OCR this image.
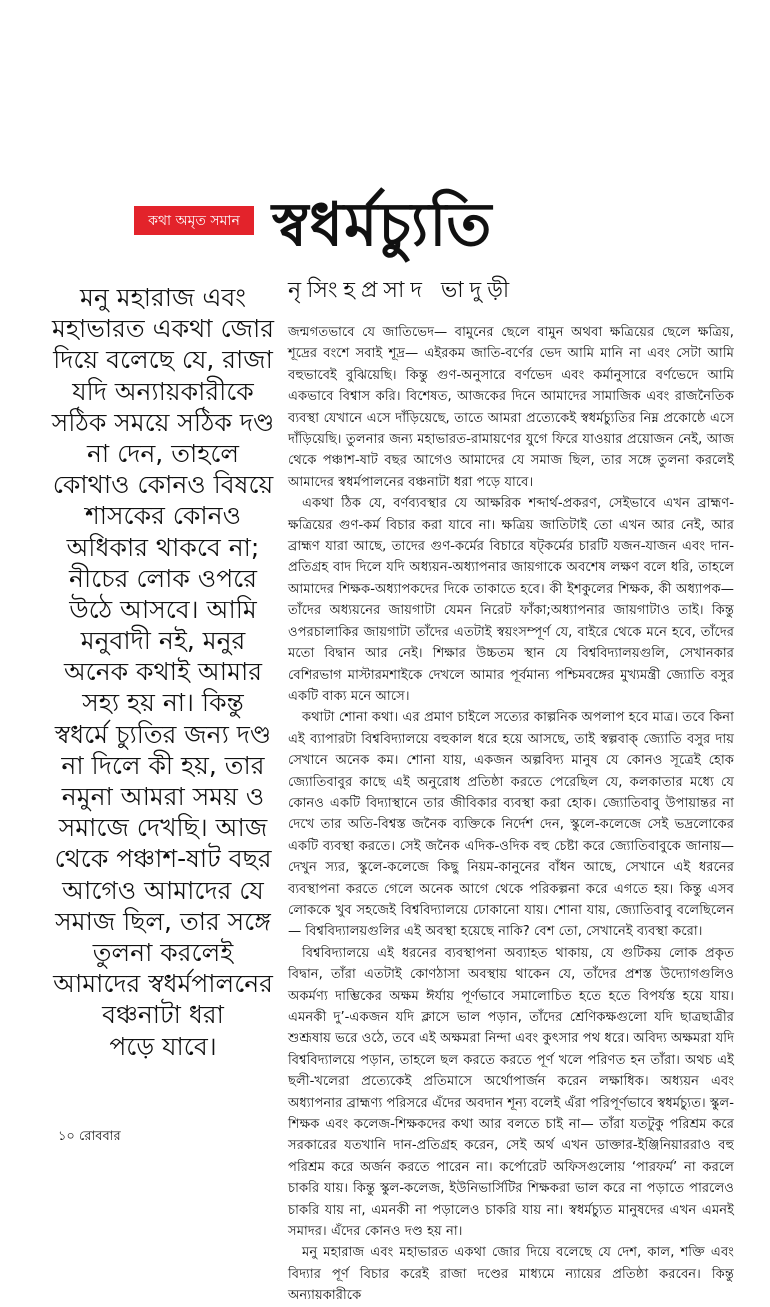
কথা অমৃত সমান স্বধর্মচ্যুতি
নৃসিংহপ্রসাদ ভাদুড়ী
মনু মহারাজ এবং
মহাভারত একথা জোর
দিয়ে বলেছে যে, রাজা
যদি অন্যায়কারীকে
সঠিক সময়ে সঠিক দণ্ড
না দেন, তাহলে
কোথাও কোনও বিষয়ে
শাসকের কোনও
অধিকার থাকবে না;
নীচের লোক ওপরে
উঠে আসবে। আমি
মনুবাদী নই, মনুর
অনেক কথাই আমার
সহ্য হয় না। কিন্তু
স্বধর্মে চ্যুতির জন্য দণ্ড
না দিলে কী হয়, তার
নমুনা আমরা সময় ও
সমাজে দেখছি। আজ
থেকে পঞ্চাশ-ষাট বছর
আগেও আমাদের যে
সমাজ ছিল, তার সঙ্গে
তুলনা করলেই
আমাদের স্বধর্মপালনের
বঞ্চনাটা ধরা
পড়ে যাবে।

জন্মগতভাবে যে জাতিভেদ— বামুনের ছেলে বামুন অথবা ক্ষত্রিয়ের ছেলে ক্ষত্রিয়, শূদ্রের বংশে সবাই শূদ্র— এইরকম জাতি-বর্ণের ভেদ আমি মানি না এবং সেটা আমি বহুভাবেই বুঝিয়েছি। কিন্তু গুণ-অনুসারে বর্ণভেদ এবং কর্মানুসারে বর্ণভেদে আমি একভাবে বিশ্বাস করি। বিশেষত, আজকের দিনে আমাদের সামাজিক এবং রাজনৈতিক ব্যবস্থা যেখানে এসে দাঁড়িয়েছে, তাতে আমরা প্রত্যেকেই স্বধর্মচ্যুতির নিম্ন প্রকোষ্ঠে এসে দাঁড়িয়েছি। তুলনার জন্য মহাভারত-রামায়ণের যুগে ফিরে যাওয়ার প্রয়োজন নেই, আজ থেকে পঞ্চাশ-ষাট বছর আগেও আমাদের যে সমাজ ছিল, তার সঙ্গে তুলনা করলেই আমাদের স্বধর্মপালনের বঞ্চনাটা ধরা পড়ে যাবে।

একথা ঠিক যে, বর্ণব্যবস্থার যে আক্ষরিক শব্দার্থ-প্রকরণ, সেইভাবে এখন ব্রাহ্মণ-ক্ষত্রিয়ের গুণ-কর্ম বিচার করা যাবে না। ক্ষত্রিয় জাতিটাই তো এখন আর নেই, আর ব্রাহ্মণ যারা আছে, তাদের গুণ-কর্মের বিচারে ষট্‌কর্মের চারটি যজন-যাজন এবং দান-প্রতিগ্রহ বাদ দিলে যদি অধ্যয়ন-অধ্যাপনার জায়গাকে অবশেষ লক্ষণ বলে ধরি, তাহলে আমাদের শিক্ষক-অধ্যাপকদের দিকে তাকাতে হবে। কী ইশকুলের শিক্ষক, কী অধ্যাপক— তাঁদের অধ্যয়নের জায়গাটা যেমন নিরেট ফাঁকা;অধ্যাপনার জায়গাটাও তাই। কিন্তু ওপরচালাকির জায়গাটা তাঁদের এতটাই স্বয়ংসম্পূর্ণ যে, বাইরে থেকে মনে হবে, তাঁদের মতো বিদ্বান আর নেই। শিক্ষার উচ্চতম স্থান যে বিশ্ববিদ্যালয়গুলি, সেখানকার বেশিরভাগ মাস্টারমশাইকে দেখলে আমার পূর্বমান্য পশ্চিমবঙ্গের মুখ্যমন্ত্রী জ্যোতি বসুর একটি বাক্য মনে আসে।

কথাটা শোনা কথা। এর প্রমাণ চাইলে সত্যের কাল্পনিক অপলাপ হবে মাত্র। তবে কিনা এই ব্যাপারটা বিশ্ববিদ্যালয়ে বহুকাল ধরে হয়ে আসছে, তাই স্বল্পবাক্‌ জ্যোতি বসুর দায় সেখানে অনেক কম। শোনা যায়, একজন অল্পবিদ্য মানুষ যে কোনও সূত্রেই হোক জ্যোতিবাবুর কাছে এই অনুরোধ প্রতিষ্ঠা করতে পেরেছিল যে, কলকাতার মধ্যে যে কোনও একটি বিদ্যাস্থানে তার জীবিকার ব্যবস্থা করা হোক। জ্যোতিবাবু উপায়ান্তর না দেখে তার অতি-বিশ্বস্ত জনৈক ব্যক্তিকে নির্দেশ দেন, স্কুলে-কলেজে সেই ভদ্রলোকের একটি ব্যবস্থা করতে। সেই জনৈক এদিক-ওদিক বহু চেষ্টা করে জ্যোতিবাবুকে জানায়— দেখুন স্যর, স্কুলে-কলেজে কিছু নিয়ম-কানুনের বাঁধন আছে, সেখানে এই ধরনের ব্যবস্থাপনা করতে গেলে অনেক আগে থেকে পরিকল্পনা করে এগতে হয়। কিন্তু এসব লোককে খুব সহজেই বিশ্ববিদ্যালয়ে ঢোকানো যায়। শোনা যায়, জ্যোতিবাবু বলেছিলেন— বিশ্ববিদ্যালয়গুলির এই অবস্থা হয়েছে নাকি? বেশ তো, সেখানেই ব্যবস্থা করো।

বিশ্ববিদ্যালয়ে এই ধরনের ব্যবস্থাপনা অব্যাহত থাকায়, যে গুটিকয় লোক প্রকৃত বিদ্বান, তাঁরা এতটাই কোণঠাসা অবস্থায় থাকেন যে, তাঁদের প্রশস্ত উদ্যোগগুলিও অকর্মণ্য দাম্ভিকের অক্ষম ঈর্যায় পূর্ণভাবে সমালোচিত হতে হতে বিপর্যস্ত হয়ে যায়। এমনকী দু’-একজন যদি ক্লাসে ভাল পড়ান, তাঁদের শ্রেণিকক্ষগুলো যদি ছাত্রছাত্রীর শুশ্রূষায় ভরে ওঠে, তবে এই অক্ষমরা নিন্দা এবং কুৎসার পথ ধরে। অবিদ্য অক্ষমরা যদি বিশ্ববিদ্যালয়ে পড়ান, তাহলে ছল করতে করতে পূর্ণ খলে পরিণত হন তাঁরা। অথচ এই ছলী-খলেরা প্রত্যেকেই প্রতিমাসে অর্থোপার্জন করেন লক্ষাধিক। অধ্যয়ন এবং অধ্যাপনার ব্রাহ্মণ্য পরিসরে এঁদের অবদান শূন্য বলেই এঁরা পরিপূর্ণভাবে স্বধর্মচ্যুত। স্কুল-শিক্ষক এবং কলেজ-শিক্ষকদের কথা আর বলতে চাই না— তাঁরা যতটুকু পরিশ্রম করে সরকারের যতখানি দান-প্রতিগ্রহ করেন, সেই অর্থ এখন ডাক্তার-ইঞ্জিনিয়াররাও বহু পরিশ্রম করে অর্জন করতে পারেন না। কর্পোরেট অফিসগুলোয় ‘পারফর্ম’ না করলে চাকরি যায়। কিন্তু স্কুল-কলেজ, ইউনিভার্সিটির শিক্ষকরা ভাল করে না পড়াতে পারলেও চাকরি যায় না, এমনকী না পড়ালেও চাকরি যায় না। স্বধর্মচ্যুত মানুষদের এখন এমনই সমাদর। এঁদের কোনও দণ্ড হয় না।

মনু মহারাজ এবং মহাভারত একথা জোর দিয়ে বলেছে যে দেশ, কাল, শক্তি এবং বিদ্যার পূর্ণ বিচার করেই রাজা দণ্ডের মাধ্যমে ন্যায়ের প্রতিষ্ঠা করবেন। কিন্তু অন্যায়কারীকে

১০ রোববার
